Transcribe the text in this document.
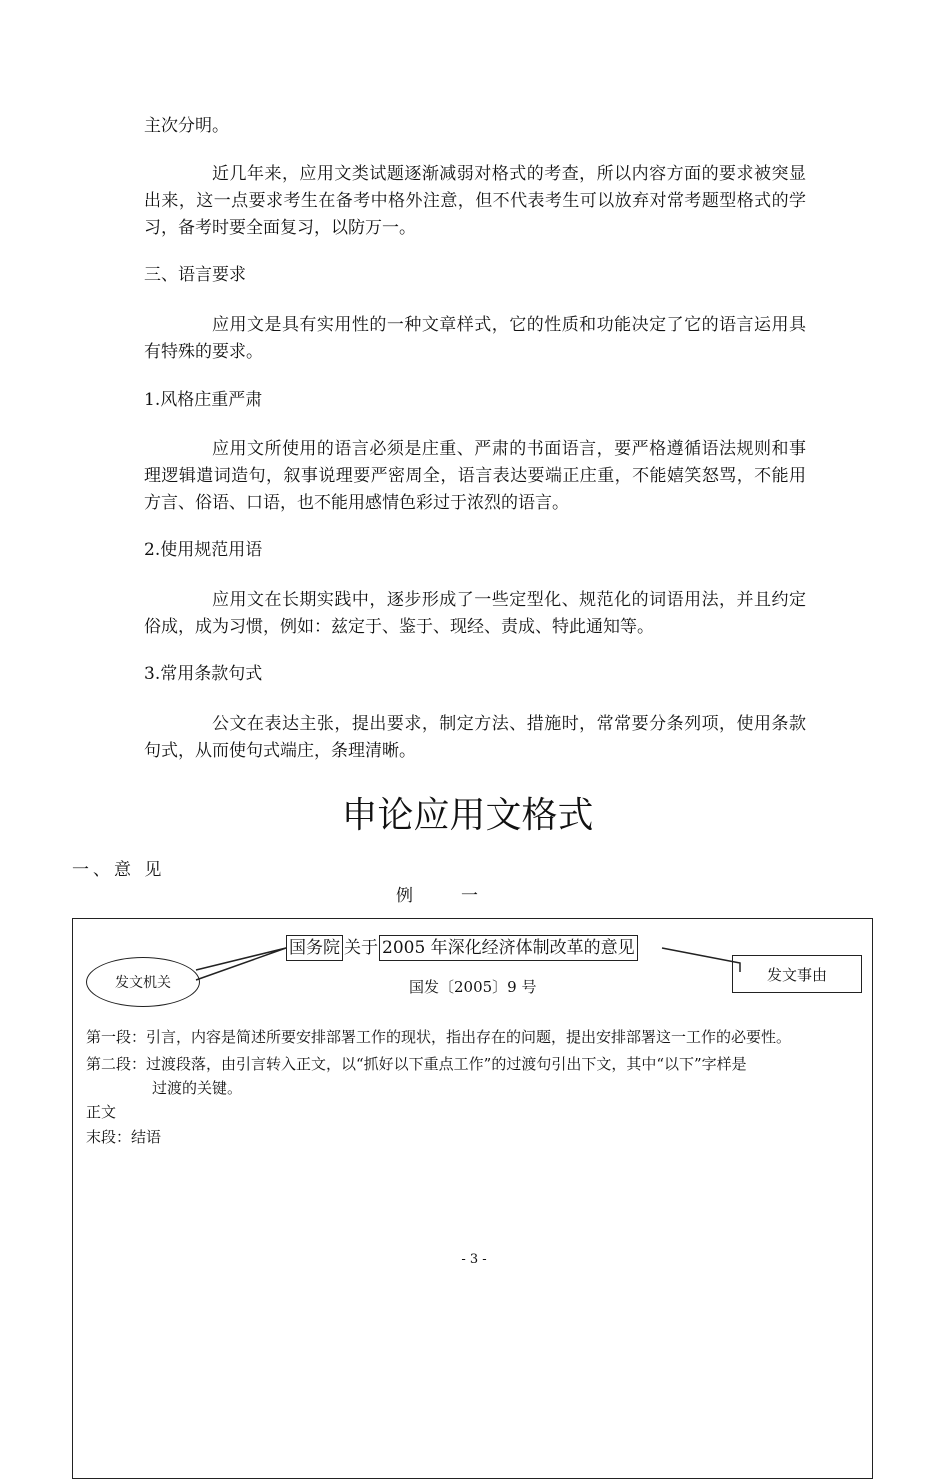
主次分明。

近几年来，应用文类试题逐渐减弱对格式的考查，所以内容方面的要求被突显出来，这一点要求考生在备考中格外注意，但不代表考生可以放弃对常考题型格式的学习，备考时要全面复习，以防万一。

三、语言要求

应用文是具有实用性的一种文章样式，它的性质和功能决定了它的语言运用具有特殊的要求。

1.风格庄重严肃

应用文所使用的语言必须是庄重、严肃的书面语言，要严格遵循语法规则和事理逻辑遣词造句，叙事说理要严密周全，语言表达要端正庄重，不能嬉笑怒骂，不能用方言、俗语、口语，也不能用感情色彩过于浓烈的语言。

2.使用规范用语

应用文在长期实践中，逐步形成了一些定型化、规范化的词语用法，并且约定俗成，成为习惯，例如：兹定于、鉴于、现经、责成、特此通知等。

3.常用条款句式

公文在表达主张，提出要求，制定方法、措施时，常常要分条列项，使用条款句式，从而使句式端庄，条理清晰。

申论应用文格式

一、意 见

例	一

国务院 关于 2005 年深化经济体制改革的意见
发文机关	发文事由
国发〔2005〕9 号

第一段：引言，内容是简述所要安排部署工作的现状，指出存在的问题，提出安排部署这一工作的必要性。

第二段：过渡段落，由引言转入正文，以“抓好以下重点工作”的过渡句引出下文，其中“以下”字样是
过渡的关键。

正文

末段：结语

- 3 -
